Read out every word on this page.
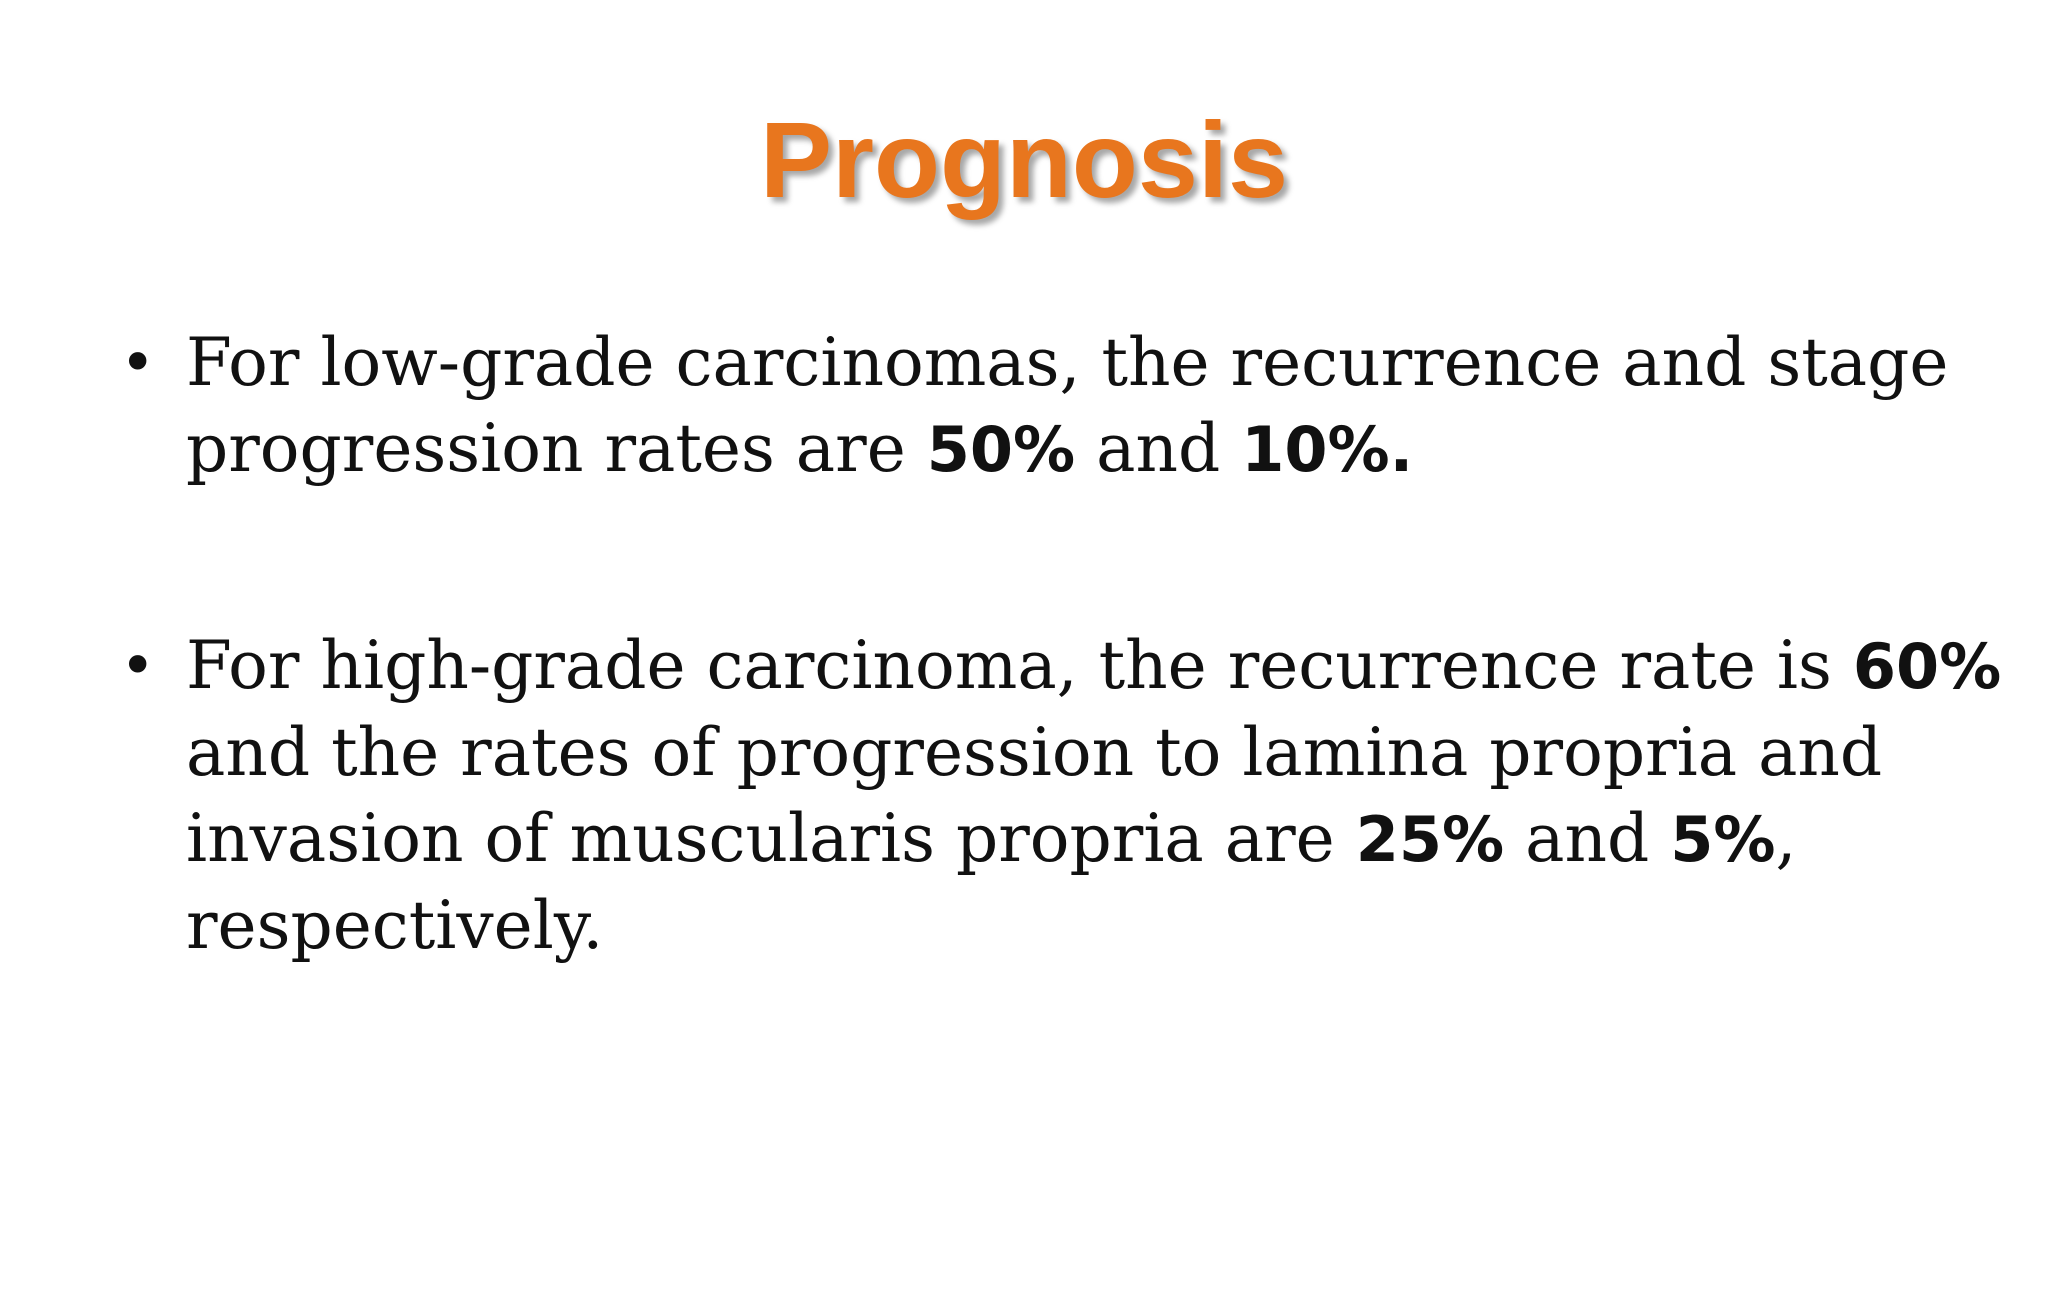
Prognosis
• For low-grade carcinomas, the recurrence and stage
progression rates are 50% and 10%.
• For high-grade carcinoma, the recurrence rate is 60%
and the rates of progression to lamina propria and
invasion of muscularis propria are 25% and 5%,
respectively.
